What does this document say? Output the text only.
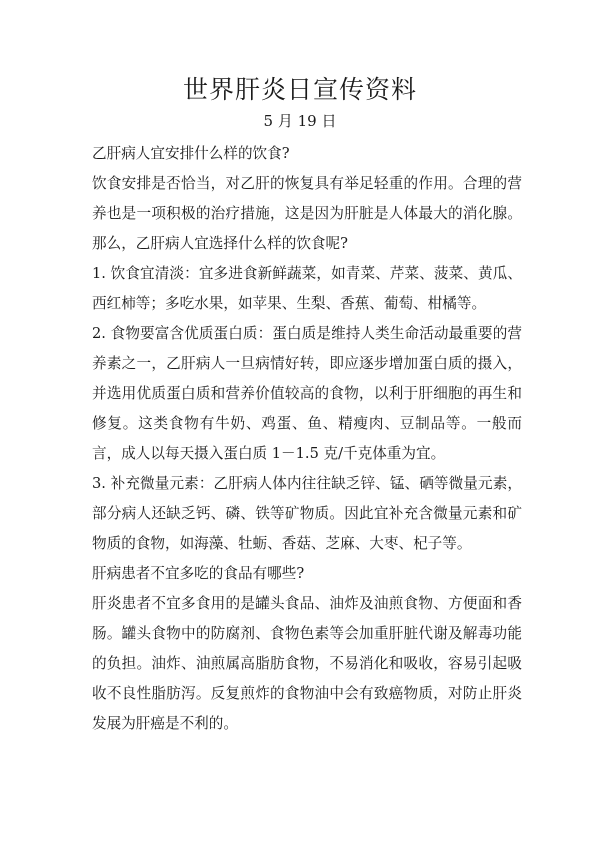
世界肝炎日宣传资料
5 月 19 日

乙肝病人宜安排什么样的饮食?

饮食安排是否恰当，对乙肝的恢复具有举足轻重的作用。合理的营养也是一项积极的治疗措施，这是因为肝脏是人体最大的消化腺。那么，乙肝病人宜选择什么样的饮食呢?

1. 饮食宜清淡：宜多进食新鲜蔬菜，如青菜、芹菜、菠菜、黄瓜、西红柿等；多吃水果，如苹果、生梨、香蕉、葡萄、柑橘等。

2. 食物要富含优质蛋白质：蛋白质是维持人类生命活动最重要的营养素之一，乙肝病人一旦病情好转，即应逐步增加蛋白质的摄入，并选用优质蛋白质和营养价值较高的食物，以利于肝细胞的再生和修复。这类食物有牛奶、鸡蛋、鱼、精瘦肉、豆制品等。一般而言，成人以每天摄入蛋白质 1－1.5 克/千克体重为宜。

3. 补充微量元素：乙肝病人体内往往缺乏锌、锰、硒等微量元素，部分病人还缺乏钙、磷、铁等矿物质。因此宜补充含微量元素和矿物质的食物，如海藻、牡蛎、香菇、芝麻、大枣、杞子等。

肝病患者不宜多吃的食品有哪些?

肝炎患者不宜多食用的是罐头食品、油炸及油煎食物、方便面和香肠。罐头食物中的防腐剂、食物色素等会加重肝脏代谢及解毒功能的负担。油炸、油煎属高脂肪食物，不易消化和吸收，容易引起吸收不良性脂肪泻。反复煎炸的食物油中会有致癌物质，对防止肝炎发展为肝癌是不利的。
